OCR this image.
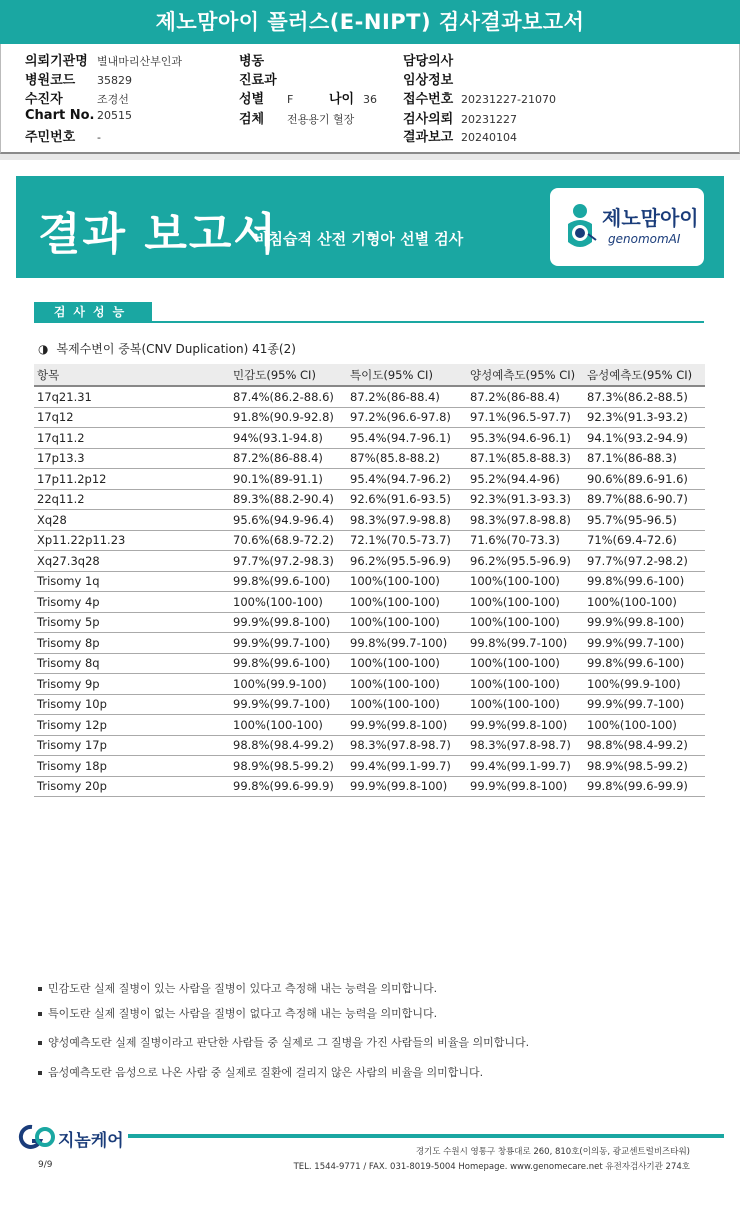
제노맘아이 플러스(E-NIPT) 검사결과보고서
의뢰기관명 별내마리산부인과
병원코드 35829
수진자	조경선
Chart No. 20515
주민번호 -
병동
진료과
성별 F
검체 전용용기 혈장
나이 36
담당의사
임상정보
접수번호 20231227-21070
검사의뢰 20231227
결과보고 20240104
결과 보고서
비침습적 산전 기형아 선별 검사
제노맘아이
genomomAI
검사성능
◑ 복제수변이 중복(CNV Duplication) 41종(2)
항목	민감도(95% CI)	특이도(95% CI)	양성예측도(95% CI)	음성예측도(95% CI)
17q21.31	87.4%(86.2-88.6)	87.2%(86-88.4)	87.2%(86-88.4)	87.3%(86.2-88.5)
17q12	91.8%(90.9-92.8)	97.2%(96.6-97.8)	97.1%(96.5-97.7)	92.3%(91.3-93.2)
17q11.2	94%(93.1-94.8)	95.4%(94.7-96.1)	95.3%(94.6-96.1)	94.1%(93.2-94.9)
17p13.3	87.2%(86-88.4)	87%(85.8-88.2)	87.1%(85.8-88.3)	87.1%(86-88.3)
17p11.2p12	90.1%(89-91.1)	95.4%(94.7-96.2)	95.2%(94.4-96)	90.6%(89.6-91.6)
22q11.2	89.3%(88.2-90.4)	92.6%(91.6-93.5)	92.3%(91.3-93.3)	89.7%(88.6-90.7)
Xq28	95.6%(94.9-96.4)	98.3%(97.9-98.8)	98.3%(97.8-98.8)	95.7%(95-96.5)
Xp11.22p11.23	70.6%(68.9-72.2)	72.1%(70.5-73.7)	71.6%(70-73.3)	71%(69.4-72.6)
Xq27.3q28	97.7%(97.2-98.3)	96.2%(95.5-96.9)	96.2%(95.5-96.9)	97.7%(97.2-98.2)
Trisomy 1q	99.8%(99.6-100)	100%(100-100)	100%(100-100)	99.8%(99.6-100)
Trisomy 4p	100%(100-100)	100%(100-100)	100%(100-100)	100%(100-100)
Trisomy 5p	99.9%(99.8-100)	100%(100-100)	100%(100-100)	99.9%(99.8-100)
Trisomy 8p	99.9%(99.7-100)	99.8%(99.7-100)	99.8%(99.7-100)	99.9%(99.7-100)
Trisomy 8q	99.8%(99.6-100)	100%(100-100)	100%(100-100)	99.8%(99.6-100)
Trisomy 9p	100%(99.9-100)	100%(100-100)	100%(100-100)	100%(99.9-100)
Trisomy 10p	99.9%(99.7-100)	100%(100-100)	100%(100-100)	99.9%(99.7-100)
Trisomy 12p	100%(100-100)	99.9%(99.8-100)	99.9%(99.8-100)	100%(100-100)
Trisomy 17p	98.8%(98.4-99.2)	98.3%(97.8-98.7)	98.3%(97.8-98.7)	98.8%(98.4-99.2)
Trisomy 18p	98.9%(98.5-99.2)	99.4%(99.1-99.7)	99.4%(99.1-99.7)	98.9%(98.5-99.2)
Trisomy 20p	99.8%(99.6-99.9)	99.9%(99.8-100)	99.9%(99.8-100)	99.8%(99.6-99.9)
민감도란 실제 질병이 있는 사람을 질병이 있다고 측정해 내는 능력을 의미합니다.
특이도란 실제 질병이 없는 사람을 질병이 없다고 측정해 내는 능력을 의미합니다.
양성예측도란 실제 질병이라고 판단한 사람들 중 실제로 그 질병을 가진 사람들의 비율을 의미합니다.
음성예측도란 음성으로 나온 사람 중 실제로 질환에 걸리지 않은 사람의 비율을 의미합니다.
지놈케어
경기도 수원시 영통구 창룡대로 260, 810호(이의동, 광교센트럴비즈타워)
TEL. 1544-9771 / FAX. 031-8019-5004 Homepage. www.genomecare.net 유전자검사기관 274호
9/9
